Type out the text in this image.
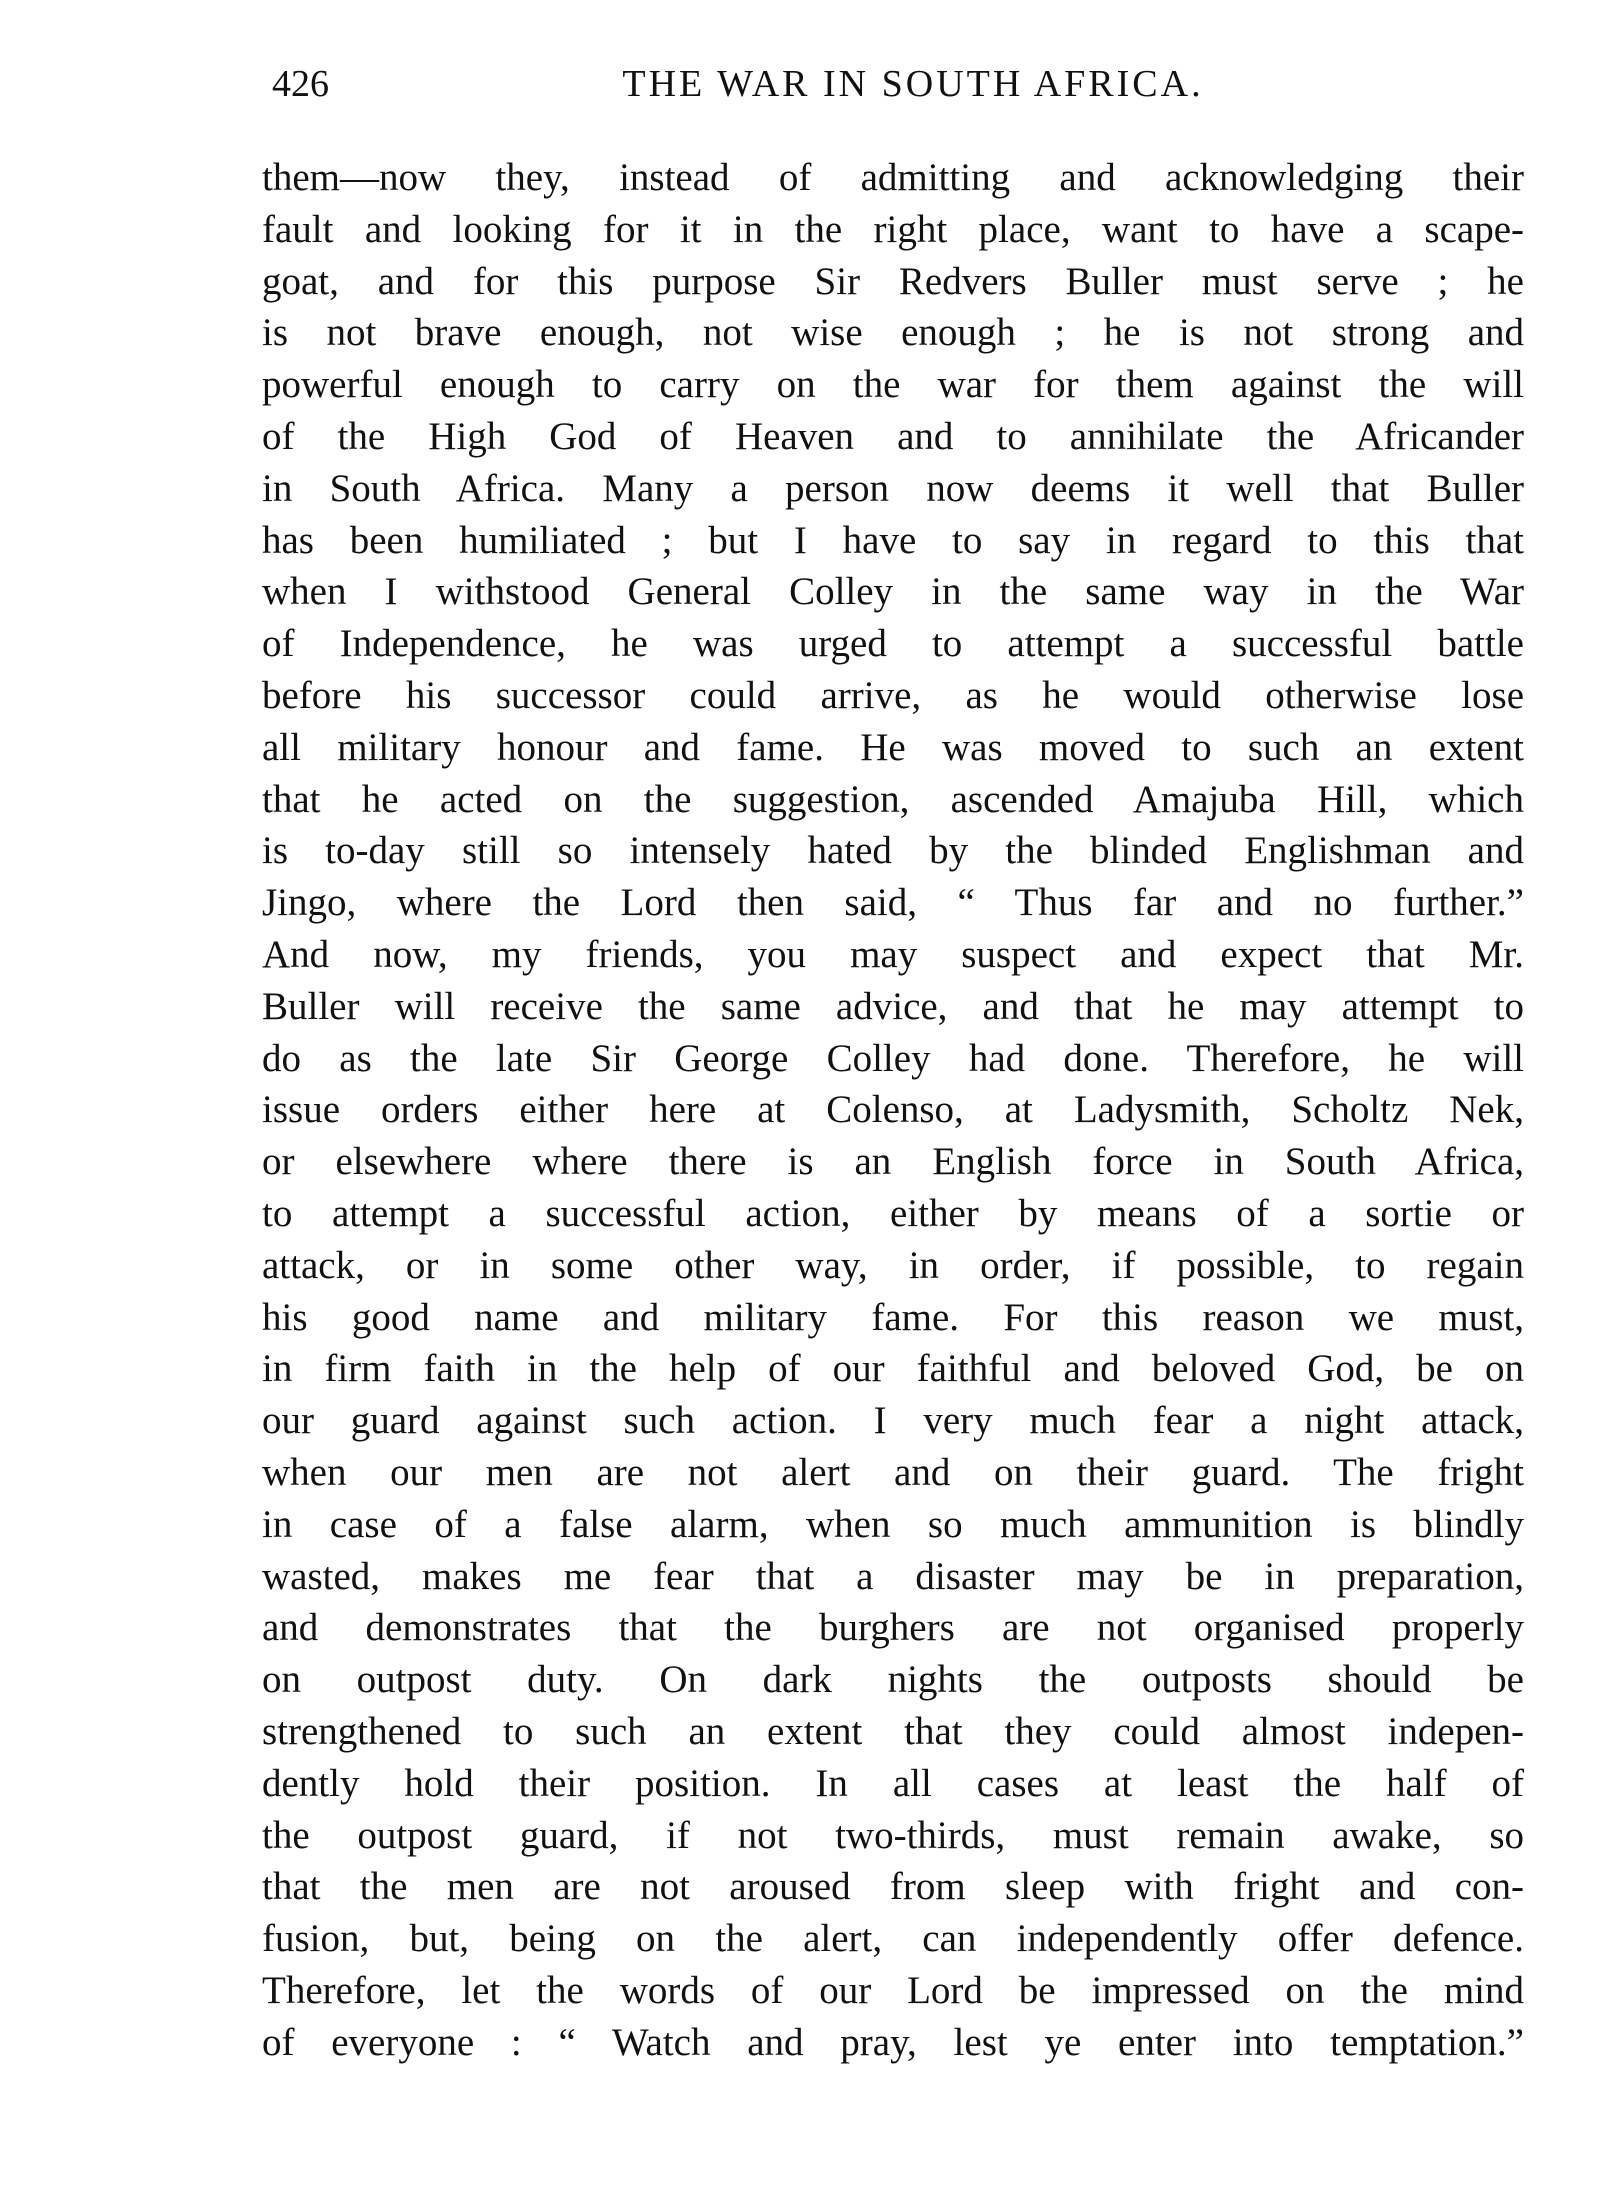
426	THE WAR IN SOUTH AFRICA.
them—now they, instead of admitting and acknowledging their
fault and looking for it in the right place, want to have a scape-
goat, and for this purpose Sir Redvers Buller must serve ; he
is not brave enough, not wise enough ; he is not strong and
powerful enough to carry on the war for them against the will
of the High God of Heaven and to annihilate the Africander
in South Africa. Many a person now deems it well that Buller
has been humiliated ; but I have to say in regard to this that
when I withstood General Colley in the same way in the War
of Independence, he was urged to attempt a successful battle
before his successor could arrive, as he would otherwise lose
all military honour and fame. He was moved to such an extent
that he acted on the suggestion, ascended Amajuba Hill, which
is to-day still so intensely hated by the blinded Englishman and
Jingo, where the Lord then said, “ Thus far and no further.”
And now, my friends, you may suspect and expect that Mr.
Buller will receive the same advice, and that he may attempt to
do as the late Sir George Colley had done. Therefore, he will
issue orders either here at Colenso, at Ladysmith, Scholtz Nek,
or elsewhere where there is an English force in South Africa,
to attempt a successful action, either by means of a sortie or
attack, or in some other way, in order, if possible, to regain
his good name and military fame. For this reason we must,
in firm faith in the help of our faithful and beloved God, be on
our guard against such action. I very much fear a night attack,
when our men are not alert and on their guard. The fright
in case of a false alarm, when so much ammunition is blindly
wasted, makes me fear that a disaster may be in preparation,
and demonstrates that the burghers are not organised properly
on outpost duty. On dark nights the outposts should be
strengthened to such an extent that they could almost indepen-
dently hold their position. In all cases at least the half of
the outpost guard, if not two-thirds, must remain awake, so
that the men are not aroused from sleep with fright and con-
fusion, but, being on the alert, can independently offer defence.
Therefore, let the words of our Lord be impressed on the mind
of everyone : “ Watch and pray, lest ye enter into temptation.”
